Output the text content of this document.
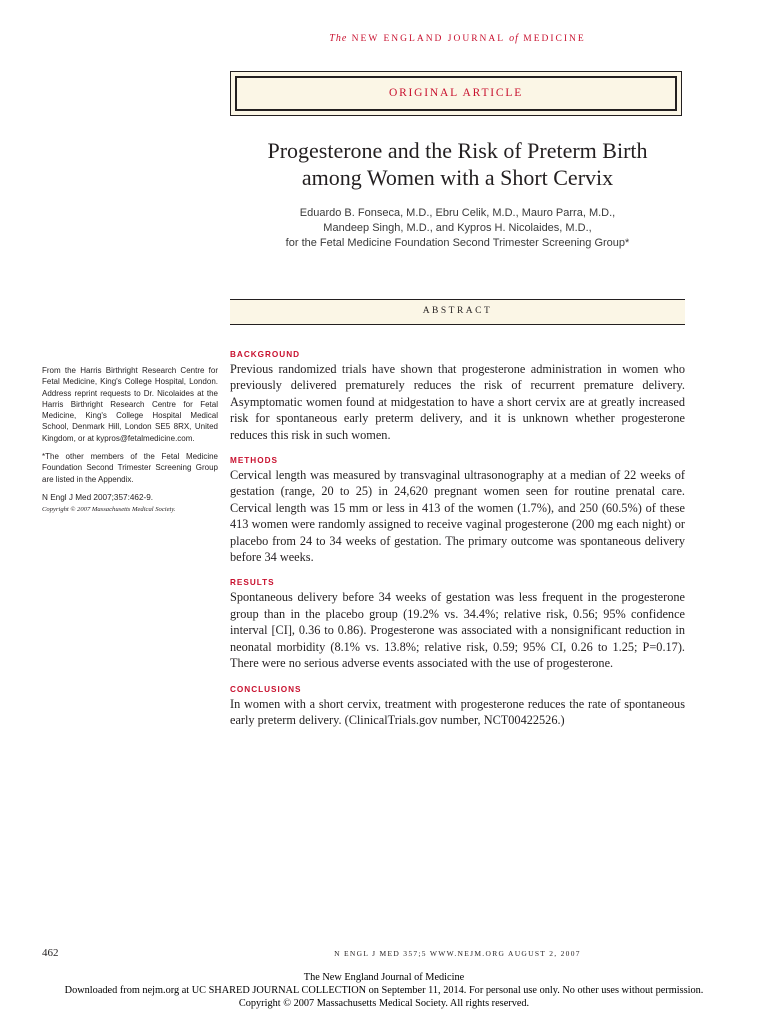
The NEW ENGLAND JOURNAL of MEDICINE
ORIGINAL ARTICLE
Progesterone and the Risk of Preterm Birth
among Women with a Short Cervix
Eduardo B. Fonseca, M.D., Ebru Celik, M.D., Mauro Parra, M.D.,
Mandeep Singh, M.D., and Kypros H. Nicolaides, M.D.,
for the Fetal Medicine Foundation Second Trimester Screening Group*
ABSTRACT

From the Harris Birthright Research Centre for Fetal Medicine, King's College Hospital, London. Address reprint requests to Dr. Nicolaides at the Harris Birthright Research Centre for Fetal Medicine, King's College Hospital Medical School, Denmark Hill, London SE5 8RX, United Kingdom, or at kypros@fetalmedicine.com.

*The other members of the Fetal Medicine Foundation Second Trimester Screening Group are listed in the Appendix.

N Engl J Med 2007;357:462-9.

Copyright © 2007 Massachusetts Medical Society.

BACKGROUND

Previous randomized trials have shown that progesterone administration in women who previously delivered prematurely reduces the risk of recurrent premature delivery. Asymptomatic women found at midgestation to have a short cervix are at greatly increased risk for spontaneous early preterm delivery, and it is unknown whether progesterone reduces this risk in such women.

METHODS

Cervical length was measured by transvaginal ultrasonography at a median of 22 weeks of gestation (range, 20 to 25) in 24,620 pregnant women seen for routine prenatal care. Cervical length was 15 mm or less in 413 of the women (1.7%), and 250 (60.5%) of these 413 women were randomly assigned to receive vaginal progesterone (200 mg each night) or placebo from 24 to 34 weeks of gestation. The primary outcome was spontaneous delivery before 34 weeks.

RESULTS

Spontaneous delivery before 34 weeks of gestation was less frequent in the progesterone group than in the placebo group (19.2% vs. 34.4%; relative risk, 0.56; 95% confidence interval [CI], 0.36 to 0.86). Progesterone was associated with a nonsignificant reduction in neonatal morbidity (8.1% vs. 13.8%; relative risk, 0.59; 95% CI, 0.26 to 1.25; P=0.17). There were no serious adverse events associated with the use of progesterone.

CONCLUSIONS

In women with a short cervix, treatment with progesterone reduces the rate of spontaneous early preterm delivery. (ClinicalTrials.gov number, NCT00422526.)

462	N ENGL J MED 357;5 WWW.NEJM.ORG AUGUST 2, 2007
The New England Journal of Medicine
Downloaded from nejm.org at UC SHARED JOURNAL COLLECTION on September 11, 2014. For personal use only. No other uses without permission.
Copyright © 2007 Massachusetts Medical Society. All rights reserved.
